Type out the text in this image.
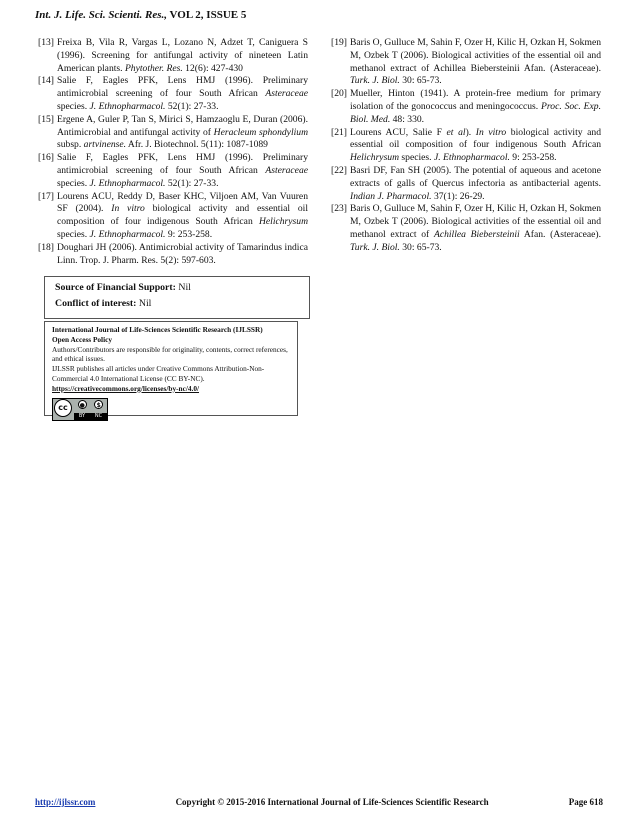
Int. J. Life. Sci. Scienti. Res., VOL 2, ISSUE 5
[13] Freixa B, Vila R, Vargas L, Lozano N, Adzet T, Caniguera S (1996). Screening for antifungal activity of nineteen Latin American plants. Phytother. Res. 12(6): 427-430
[14] Salie F, Eagles PFK, Lens HMJ (1996). Preliminary antimicrobial screening of four South African Asteraceae species. J. Ethnopharmacol. 52(1): 27-33.
[15] Ergene A, Guler P, Tan S, Mirici S, Hamzaoglu E, Duran (2006). Antimicrobial and antifungal activity of Heracleum sphondylium subsp. artvinense. Afr. J. Biotechnol. 5(11): 1087-1089
[16] Salie F, Eagles PFK, Lens HMJ (1996). Preliminary antimicrobial screening of four South African Asteraceae species. J. Ethnopharmacol. 52(1): 27-33.
[17] Lourens ACU, Reddy D, Baser KHC, Viljoen AM, Van Vuuren SF (2004). In vitro biological activity and essential oil composition of four indigenous South African Helichrysum species. J. Ethnopharmacol. 9: 253-258.
[18] Doughari JH (2006). Antimicrobial activity of Tamarindus indica Linn. Trop. J. Pharm. Res. 5(2): 597-603.
Source of Financial Support: Nil
Conflict of interest: Nil
International Journal of Life-Sciences Scientific Research (IJLSSR)
Open Access Policy
Authors/Contributors are responsible for originality, contents, correct references, and ethical issues.
IJLSSR publishes all articles under Creative Commons Attribution-Non-Commercial 4.0 International License (CC BY-NC).
https://creativecommons.org/licenses/by-nc/4.0/
cc	●	$
BY NC
[19] Baris O, Gulluce M, Sahin F, Ozer H, Kilic H, Ozkan H, Sokmen M, Ozbek T (2006). Biological activities of the essential oil and methanol extract of Achillea Biebersteinii Afan. (Asteraceae). Turk. J. Biol. 30: 65-73.
[20] Mueller, Hinton (1941). A protein-free medium for primary isolation of the gonococcus and meningococcus. Proc. Soc. Exp. Biol. Med. 48: 330.
[21] Lourens ACU, Salie F et al). In vitro biological activity and essential oil composition of four indigenous South African Helichrysum species. J. Ethnopharmacol. 9: 253-258.
[22] Basri DF, Fan SH (2005). The potential of aqueous and acetone extracts of galls of Quercus infectoria as antibacterial agents. Indian J. Pharmacol. 37(1): 26-29.
[23] Baris O, Gulluce M, Sahin F, Ozer H, Kilic H, Ozkan H, Sokmen M, Ozbek T (2006). Biological activities of the essential oil and methanol extract of Achillea Biebersteinii Afan. (Asteraceae). Turk. J. Biol. 30: 65-73.
http://ijlssr.com	Copyright © 2015-2016 International Journal of Life-Sciences Scientific Research	Page 618
